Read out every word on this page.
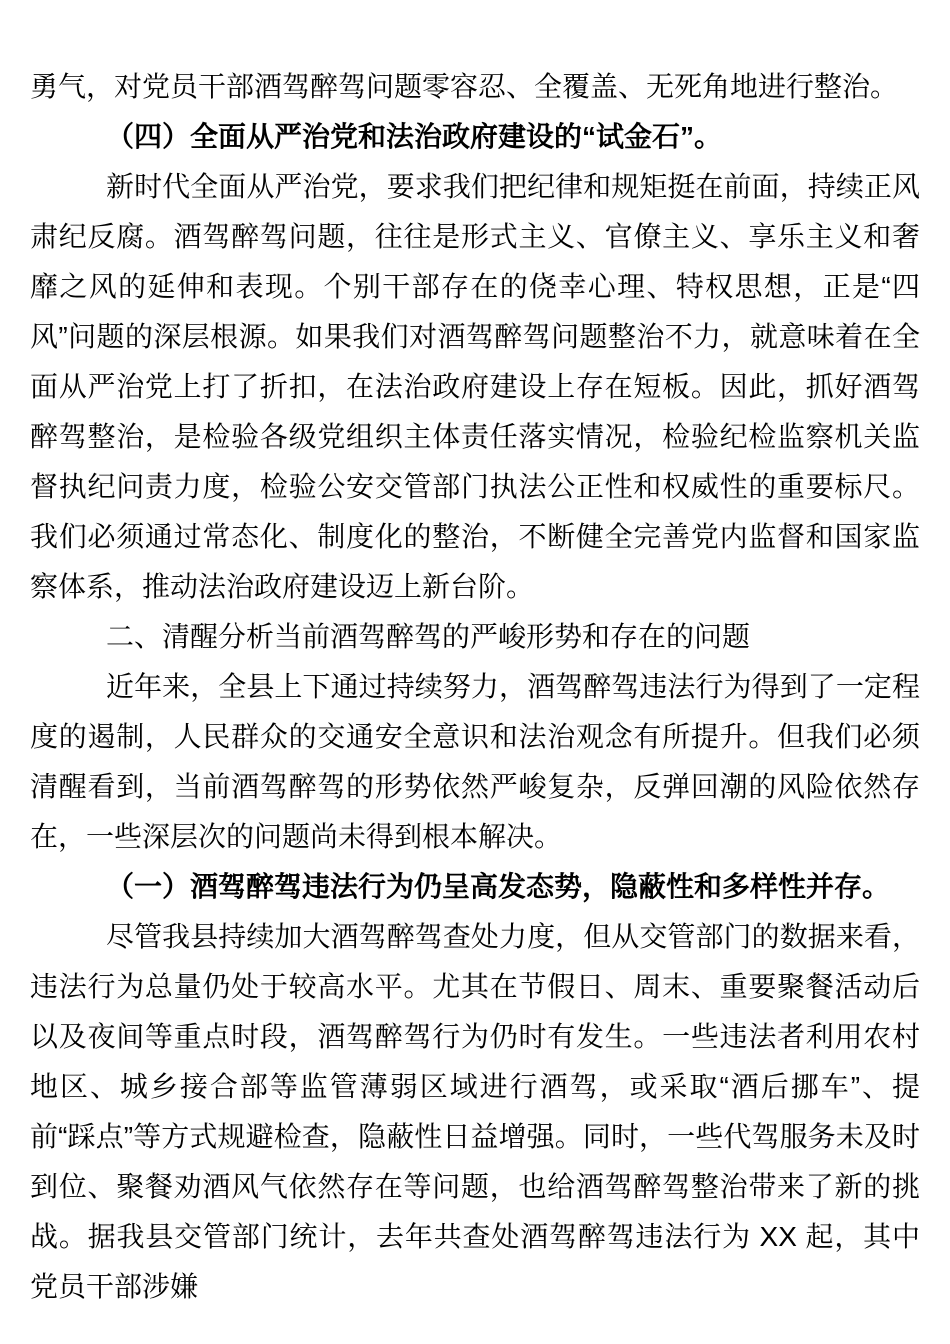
勇气，对党员干部酒驾醉驾问题零容忍、全覆盖、无死角地进行整治。

（四）全面从严治党和法治政府建设的“试金石”。

新时代全面从严治党，要求我们把纪律和规矩挺在前面，持续正风肃纪反腐。酒驾醉驾问题，往往是形式主义、官僚主义、享乐主义和奢靡之风的延伸和表现。个别干部存在的侥幸心理、特权思想，正是“四风”问题的深层根源。如果我们对酒驾醉驾问题整治不力，就意味着在全面从严治党上打了折扣，在法治政府建设上存在短板。因此，抓好酒驾醉驾整治，是检验各级党组织主体责任落实情况，检验纪检监察机关监督执纪问责力度，检验公安交管部门执法公正性和权威性的重要标尺。我们必须通过常态化、制度化的整治，不断健全完善党内监督和国家监察体系，推动法治政府建设迈上新台阶。

二、清醒分析当前酒驾醉驾的严峻形势和存在的问题

近年来，全县上下通过持续努力，酒驾醉驾违法行为得到了一定程度的遏制，人民群众的交通安全意识和法治观念有所提升。但我们必须清醒看到，当前酒驾醉驾的形势依然严峻复杂，反弹回潮的风险依然存在，一些深层次的问题尚未得到根本解决。

（一）酒驾醉驾违法行为仍呈高发态势，隐蔽性和多样性并存。

尽管我县持续加大酒驾醉驾查处力度，但从交管部门的数据来看，违法行为总量仍处于较高水平。尤其在节假日、周末、重要聚餐活动后以及夜间等重点时段，酒驾醉驾行为仍时有发生。一些违法者利用农村地区、城乡接合部等监管薄弱区域进行酒驾，或采取“酒后挪车”、提前“踩点”等方式规避检查，隐蔽性日益增强。同时，一些代驾服务未及时到位、聚餐劝酒风气依然存在等问题，也给酒驾醉驾整治带来了新的挑战。据我县交管部门统计，去年共查处酒驾醉驾违法行为 XX 起，其中党员干部涉嫌
